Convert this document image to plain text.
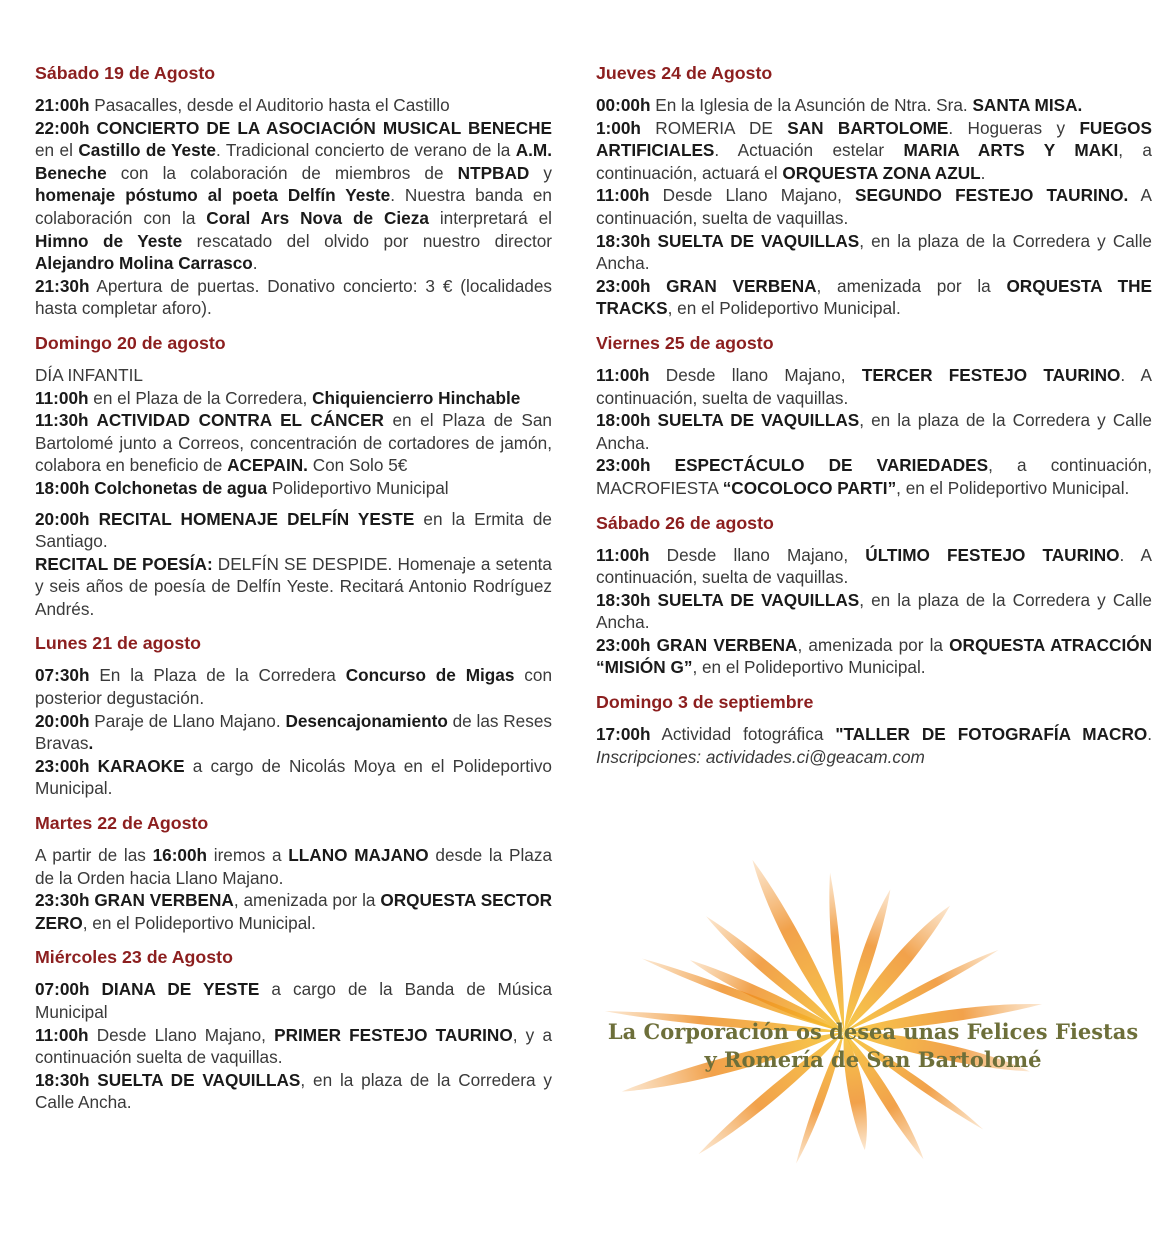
Sábado 19 de Agosto

21:00h Pasacalles, desde el Auditorio hasta el Castillo

22:00h CONCIERTO DE LA ASOCIACIÓN MUSICAL BENECHE en el Castillo de Yeste. Tradicional concierto de verano de la A.M. Beneche con la colaboración de miembros de NTPBAD y homenaje póstumo al poeta Delfín Yeste. Nuestra banda en colaboración con la Coral Ars Nova de Cieza interpretará el Himno de Yeste rescatado del olvido por nuestro director Alejandro Molina Carrasco.

21:30h Apertura de puertas. Donativo concierto: 3 € (localidades hasta completar aforo).

Domingo 20 de agosto

DÍA INFANTIL

11:00h en el Plaza de la Corredera, Chiquiencierro Hinchable

11:30h ACTIVIDAD CONTRA EL CÁNCER en el Plaza de San Bartolomé junto a Correos, concentración de cortadores de jamón, colabora en beneficio de ACEPAIN. Con Solo 5€

18:00h Colchonetas de agua Polideportivo Municipal

20:00h RECITAL HOMENAJE DELFÍN YESTE en la Ermita de Santiago.

RECITAL DE POESÍA: DELFÍN SE DESPIDE. Homenaje a setenta y seis años de poesía de Delfín Yeste. Recitará Antonio Rodríguez Andrés.

Lunes 21 de agosto

07:30h En la Plaza de la Corredera Concurso de Migas con posterior degustación.

20:00h Paraje de Llano Majano. Desencajonamiento de las Reses Bravas.

23:00h KARAOKE a cargo de Nicolás Moya en el Polideportivo Municipal.

Martes 22 de Agosto

A partir de las 16:00h iremos a LLANO MAJANO desde la Plaza de la Orden hacia Llano Majano.

23:30h GRAN VERBENA, amenizada por la ORQUESTA SECTOR ZERO, en el Polideportivo Municipal.

Miércoles 23 de Agosto

07:00h DIANA DE YESTE a cargo de la Banda de Música Municipal

11:00h Desde Llano Majano, PRIMER FESTEJO TAURINO, y a continuación suelta de vaquillas.

18:30h SUELTA DE VAQUILLAS, en la plaza de la Corredera y Calle Ancha.

Jueves 24 de Agosto

00:00h En la Iglesia de la Asunción de Ntra. Sra. SANTA MISA.

1:00h ROMERIA DE SAN BARTOLOME. Hogueras y FUEGOS ARTIFICIALES. Actuación estelar MARIA ARTS Y MAKI, a continuación, actuará el ORQUESTA ZONA AZUL.

11:00h Desde Llano Majano, SEGUNDO FESTEJO TAURINO. A continuación, suelta de vaquillas.

18:30h SUELTA DE VAQUILLAS, en la plaza de la Corredera y Calle Ancha.

23:00h GRAN VERBENA, amenizada por la ORQUESTA THE TRACKS, en el Polideportivo Municipal.

Viernes 25 de agosto

11:00h Desde llano Majano, TERCER FESTEJO TAURINO. A continuación, suelta de vaquillas.

18:00h SUELTA DE VAQUILLAS, en la plaza de la Corredera y Calle Ancha.

23:00h ESPECTÁCULO DE VARIEDADES, a continuación, MACROFIESTA “COCOLOCO PARTI”, en el Polideportivo Municipal.

Sábado 26 de agosto

11:00h Desde llano Majano, ÚLTIMO FESTEJO TAURINO. A continuación, suelta de vaquillas.

18:30h SUELTA DE VAQUILLAS, en la plaza de la Corredera y Calle Ancha.

23:00h GRAN VERBENA, amenizada por la ORQUESTA ATRACCIÓN “MISIÓN G”, en el Polideportivo Municipal.

Domingo 3 de septiembre

17:00h Actividad fotográfica "TALLER DE FOTOGRAFÍA MACRO. Inscripciones: actividades.ci@geacam.com

La Corporación os desea unas Felices Fiestas
y Romería de San Bartolomé
